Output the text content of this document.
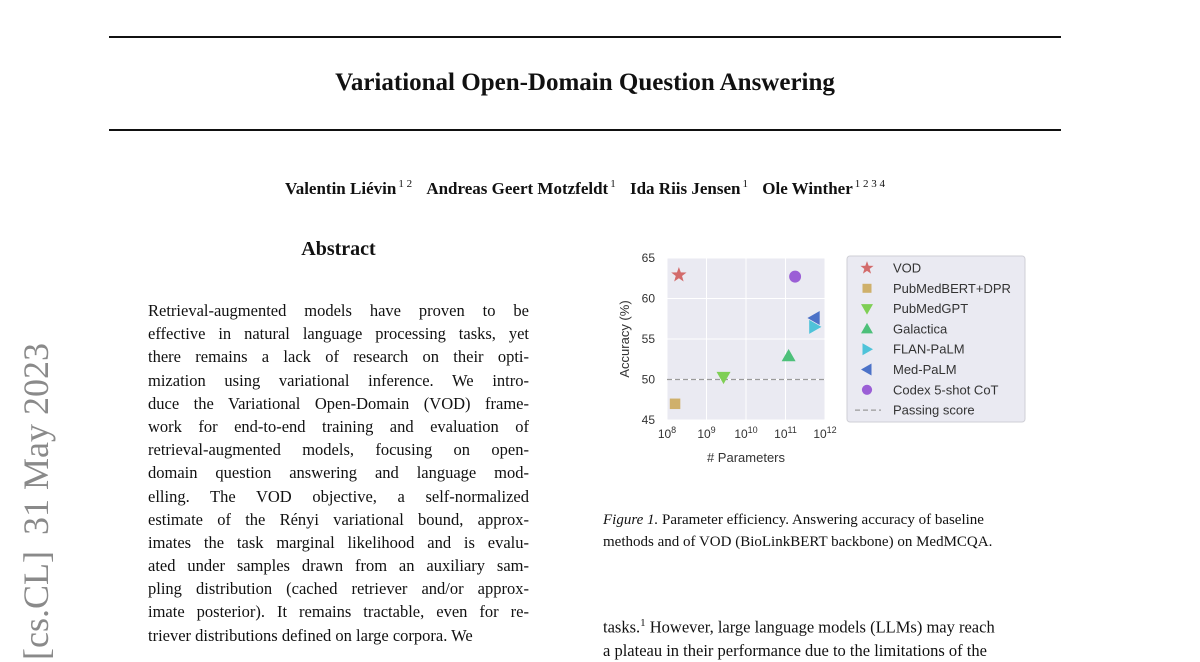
Variational Open-Domain Question Answering
Valentin Liévin $^{1 2}$ Andreas Geert Motzfeldt $^1$ Ida Riis Jensen $^1$ Ole Winther $^{1 2 3 4}$
[cs.CL]31 May 2023
Abstract
Retrieval-augmented models have proven to be
effective in natural language processing tasks, yet
there remains a lack of research on their opti-
mization using variational inference. We intro-
duce the Variational Open-Domain (VOD) frame-
work for end-to-end training and evaluation of
retrieval-augmented models, focusing on open-
domain question answering and language mod-
elling. The VOD objective, a self-normalized
estimate of the Rényi variational bound, approx-
imates the task marginal likelihood and is evalu-
ated under samples drawn from an auxiliary sam-
pling distribution (cached retriever and/or approx-
imate posterior). It remains tractable, even for re-
triever distributions defined on large corpora. We
$10^8$ $10^9$ $10^{10}$ $10^{11}$ $10^{12}$
45
50
55
60
65
# Parameters
Accuracy (%)
VOD
PubMedBERT+DPR
PubMedGPT
Galactica
FLAN-PaLM
Med-PaLM
Codex 5-shot CoT
Passing score
Figure 1. Parameter efficiency. Answering accuracy of baseline
methods and of VOD (BioLinkBERT backbone) on MedMCQA.
tasks.$^1$ However, large language models (LLMs) may reach
a plateau in their performance due to the limitations of the
